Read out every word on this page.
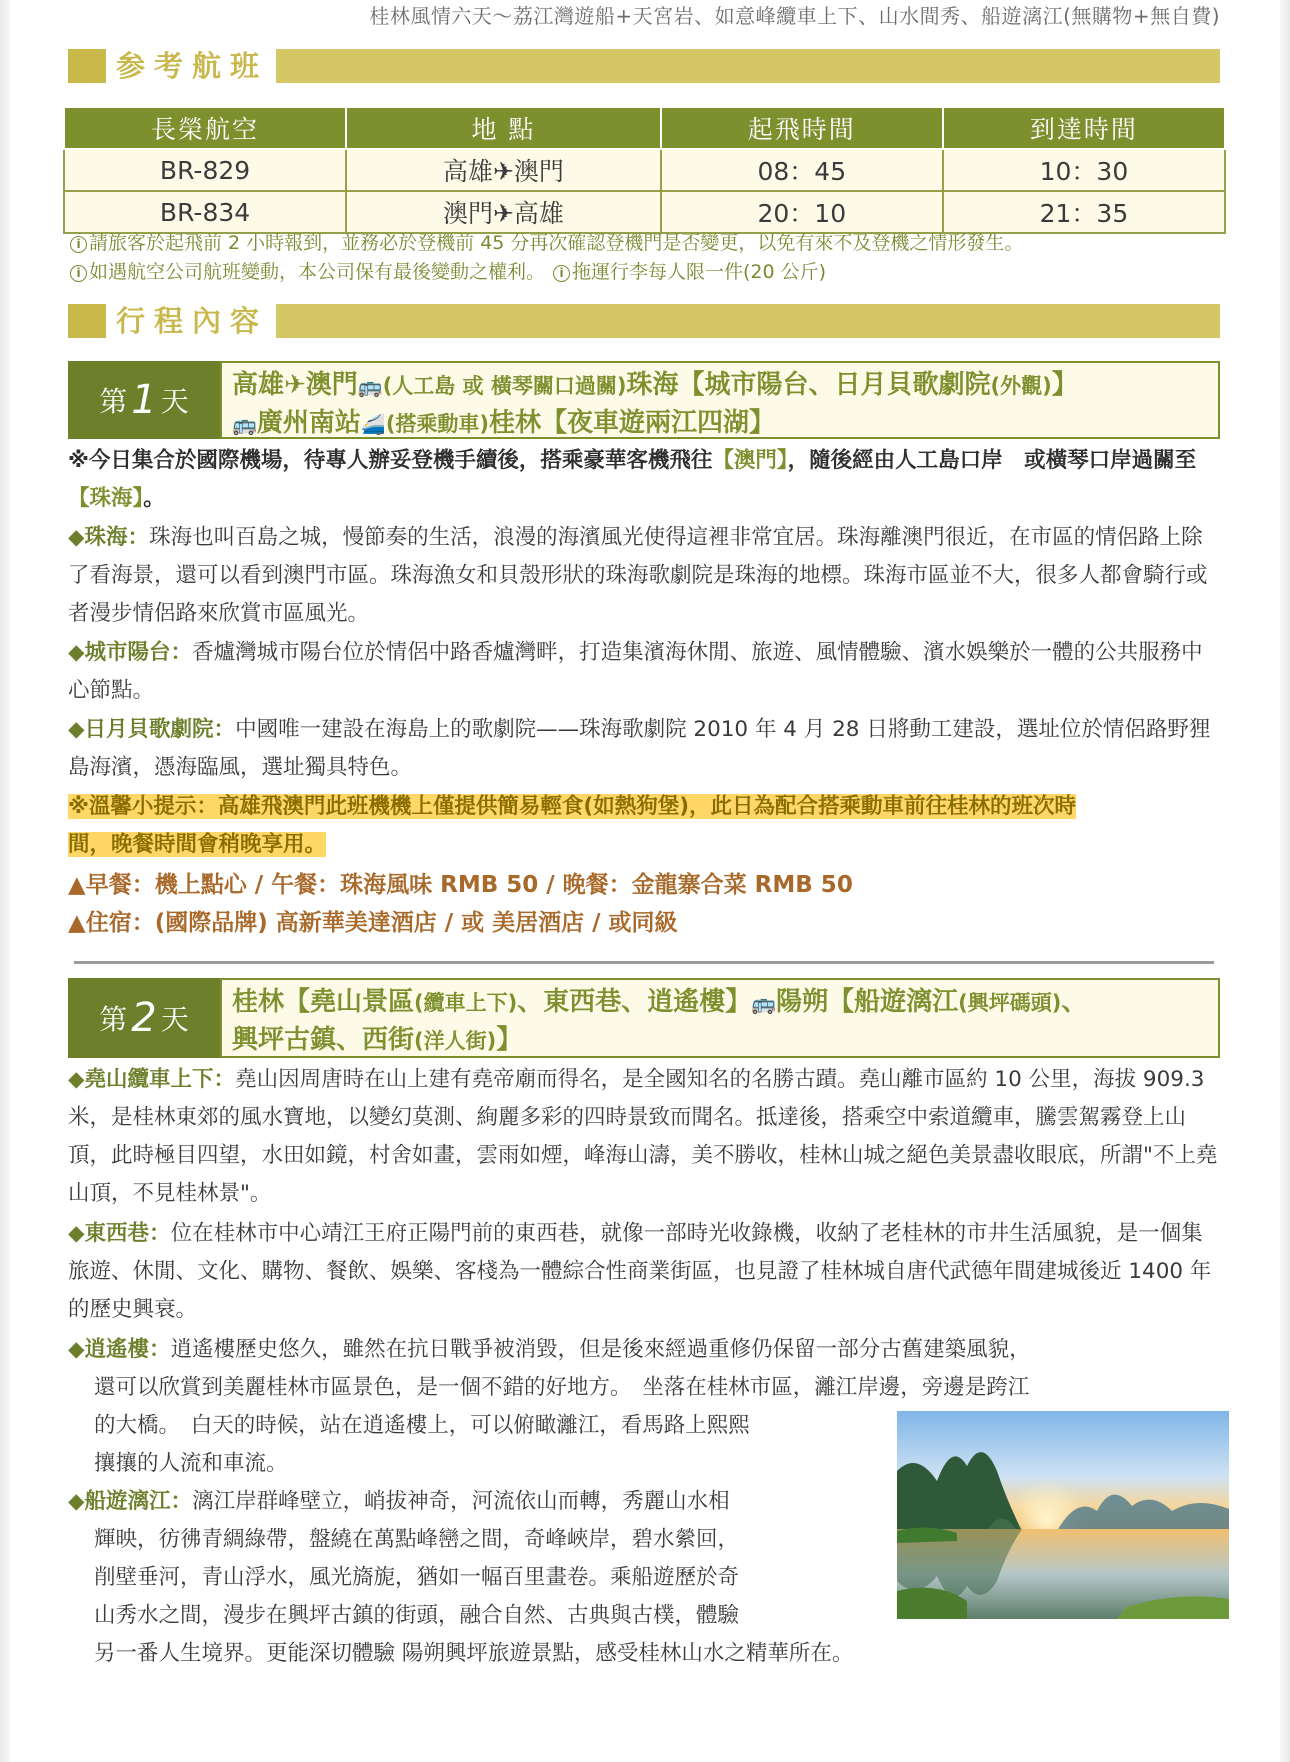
桂林風情六天～荔江灣遊船+天宮岩、如意峰纜車上下、山水間秀、船遊漓江(無購物+無自費)
参考航班
長榮航空	地 點	起飛時間	到達時間
BR-829	高雄✈澳門	08：45	10：30
BR-834	澳門✈高雄	20：10	21：35
i 請旅客於起飛前 2 小時報到，並務必於登機前 45 分再次確認登機門是否變更，以免有來不及登機之情形發生。
i 如遇航空公司航班變動，本公司保有最後變動之權利。 i 拖運行李每人限一件(20 公斤)
行程內容
第 1 天 高雄✈澳門🚌(人工島 或 橫琴關口過關)珠海【城市陽台、日月貝歌劇院(外觀)】
🚌廣州南站🚄(搭乘動車)桂林【夜車遊兩江四湖】
※今日集合於國際機場，待專人辦妥登機手續後，搭乘豪華客機飛往【澳門】，隨後經由人工島口岸　或橫琴口岸過關至【珠海】。
◆珠海：珠海也叫百島之城，慢節奏的生活，浪漫的海濱風光使得這裡非常宜居。珠海離澳門很近，在市區的情侶路上除了看海景，還可以看到澳門市區。珠海漁女和貝殼形狀的珠海歌劇院是珠海的地標。珠海市區並不大，很多人都會騎行或者漫步情侶路來欣賞市區風光。
◆城市陽台：香爐灣城市陽台位於情侶中路香爐灣畔，打造集濱海休閒、旅遊、風情體驗、濱水娛樂於一體的公共服務中心節點。
◆日月貝歌劇院：中國唯一建設在海島上的歌劇院——珠海歌劇院 2010 年 4 月 28 日將動工建設，選址位於情侶路野狸島海濱，憑海臨風，選址獨具特色。
※溫馨小提示：高雄飛澳門此班機機上僅提供簡易輕食(如熱狗堡)，此日為配合搭乘動車前往桂林的班次時
間，晚餐時間會稍晚享用。
▲早餐：機上點心 / 午餐：珠海風味 RMB 50 / 晚餐：金龍寨合菜 RMB 50
▲住宿：(國際品牌) 高新華美達酒店 / 或 美居酒店 / 或同級
第 2 天
桂林【堯山景區(纜車上下)、東西巷、逍遙樓】🚌陽朔【船遊漓江(興坪碼頭)、
興坪古鎮、西街(洋人街)】
◆堯山纜車上下：堯山因周唐時在山上建有堯帝廟而得名，是全國知名的名勝古蹟。堯山離市區約 10 公里，海拔 909.3 米，是桂林東郊的風水寶地，以變幻莫測、絢麗多彩的四時景致而聞名。抵達後，搭乘空中索道纜車，騰雲駕霧登上山頂，此時極目四望，水田如鏡，村舍如畫，雲雨如煙，峰海山濤，美不勝收，桂林山城之絕色美景盡收眼底，所謂"不上堯山頂，不見桂林景"。
◆東西巷：位在桂林市中心靖江王府正陽門前的東西巷，就像一部時光收錄機，收納了老桂林的市井生活風貌，是一個集旅遊、休閒、文化、購物、餐飲、娛樂、客棧為一體綜合性商業街區，也見證了桂林城自唐代武德年間建城後近 1400 年的歷史興衰。
◆逍遙樓：逍遙樓歷史悠久，雖然在抗日戰爭被消毀，但是後來經過重修仍保留一部分古舊建築風貌，
還可以欣賞到美麗桂林市區景色，是一個不錯的好地方。　坐落在桂林市區，灕江岸邊，旁邊是跨江
的大橋。　白天的時候，站在逍遙樓上，可以俯瞰灕江，看馬路上熙熙
攘攘的人流和車流。
◆船遊漓江：漓江岸群峰壁立，峭拔神奇，河流依山而轉，秀麗山水相
輝映，彷彿青綢綠帶，盤繞在萬點峰巒之間，奇峰峽岸，碧水縈回，
削壁垂河，青山浮水，風光旖旎，猶如一幅百里畫卷。乘船遊歷於奇
山秀水之間，漫步在興坪古鎮的街頭，融合自然、古典與古樸，體驗
另一番人生境界。更能深切體驗 陽朔興坪旅遊景點，感受桂林山水之精華所在。
